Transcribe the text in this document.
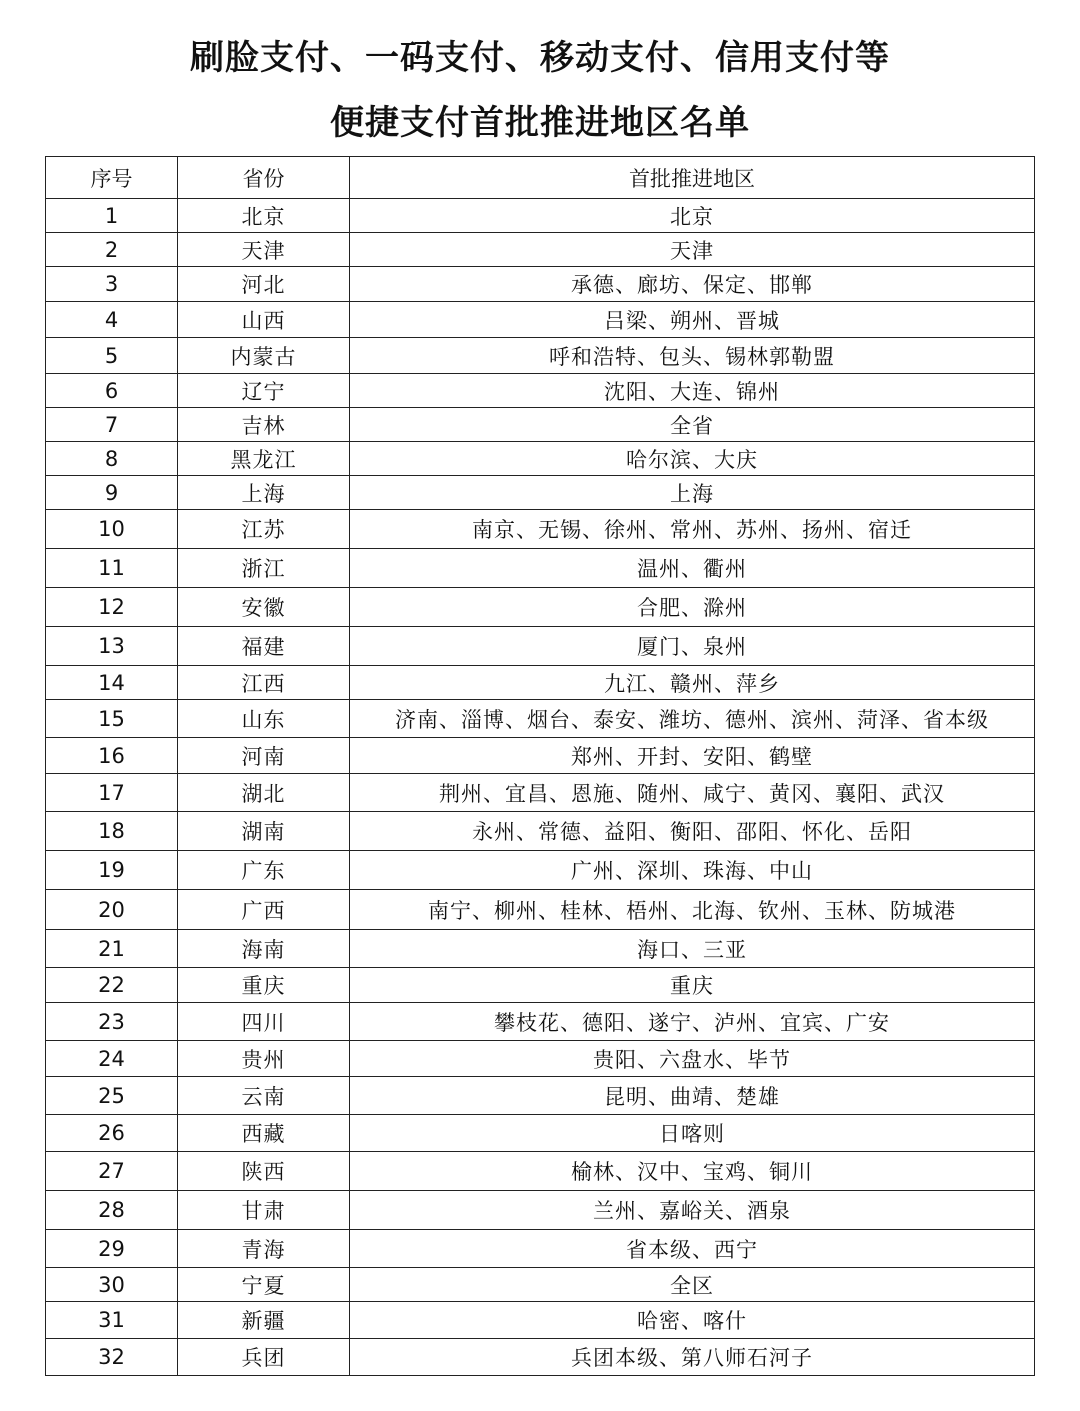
刷脸支付、一码支付、移动支付、信用支付等
便捷支付首批推进地区名单
序号	省份	首批推进地区
1	北京	北京
2	天津	天津
3	河北	承德、廊坊、保定、邯郸
4	山西	吕梁、朔州、晋城
5	内蒙古	呼和浩特、包头、锡林郭勒盟
6	辽宁	沈阳、大连、锦州
7	吉林	全省
8	黑龙江	哈尔滨、大庆
9	上海	上海
10	江苏	南京、无锡、徐州、常州、苏州、扬州、宿迁
11	浙江	温州、衢州
12	安徽	合肥、滁州
13	福建	厦门、泉州
14	江西	九江、赣州、萍乡
15	山东	济南、淄博、烟台、泰安、潍坊、德州、滨州、菏泽、省本级
16	河南	郑州、开封、安阳、鹤壁
17	湖北	荆州、宜昌、恩施、随州、咸宁、黄冈、襄阳、武汉
18	湖南	永州、常德、益阳、衡阳、邵阳、怀化、岳阳
19	广东	广州、深圳、珠海、中山
20	广西	南宁、柳州、桂林、梧州、北海、钦州、玉林、防城港
21	海南	海口、三亚
22	重庆	重庆
23	四川	攀枝花、德阳、遂宁、泸州、宜宾、广安
24	贵州	贵阳、六盘水、毕节
25	云南	昆明、曲靖、楚雄
26	西藏	日喀则
27	陕西	榆林、汉中、宝鸡、铜川
28	甘肃	兰州、嘉峪关、酒泉
29	青海	省本级、西宁
30	宁夏	全区
31	新疆	哈密、喀什
32	兵团	兵团本级、第八师石河子
